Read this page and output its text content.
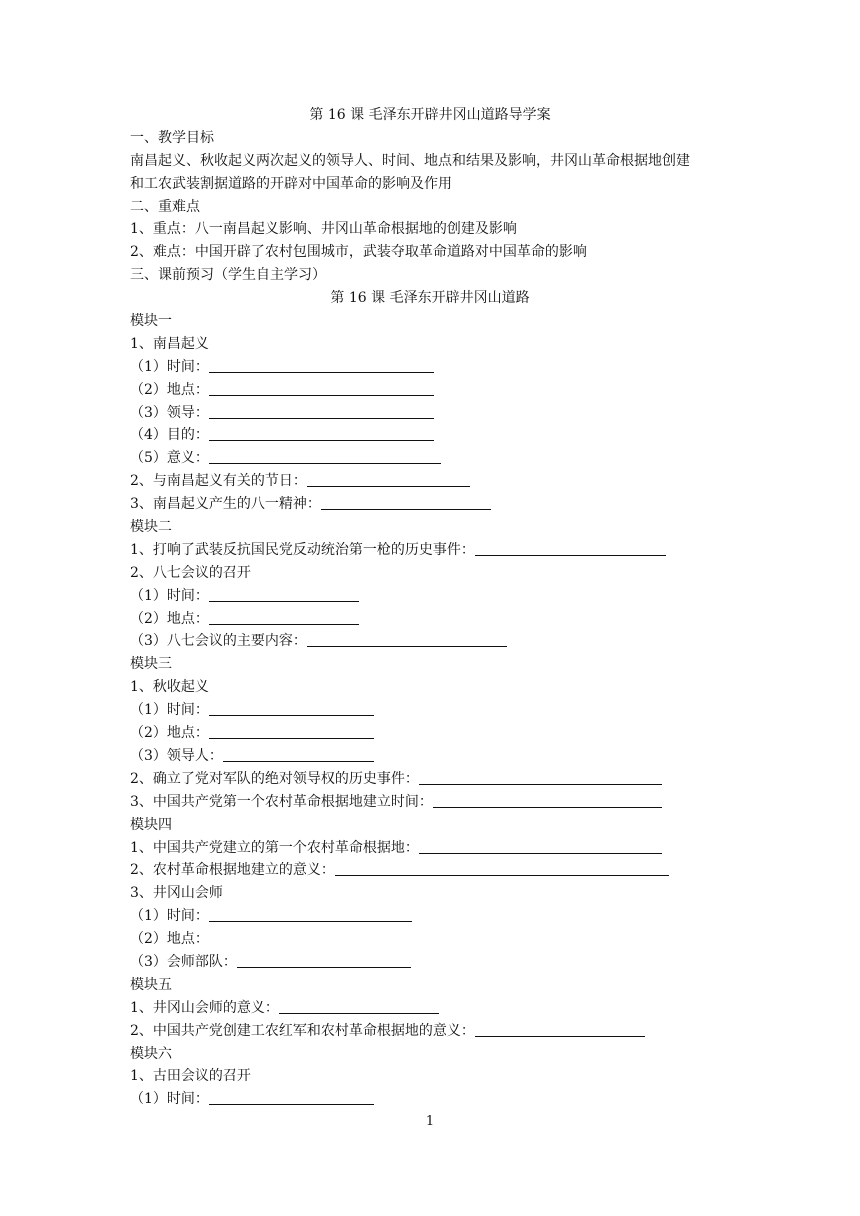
第 16 课 毛泽东开辟井冈山道路导学案
一、教学目标
南昌起义、秋收起义两次起义的领导人、时间、地点和结果及影响，井冈山革命根据地创建
和工农武装割据道路的开辟对中国革命的影响及作用
二、重难点
1、重点：八一南昌起义影响、井冈山革命根据地的创建及影响
2、难点：中国开辟了农村包围城市，武装夺取革命道路对中国革命的影响
三、课前预习（学生自主学习）
第 16 课 毛泽东开辟井冈山道路
模块一
1、南昌起义
（1）时间：
（2）地点：
（3）领导：
（4）目的：
（5）意义：
2、与南昌起义有关的节日：
3、南昌起义产生的八一精神：
模块二
1、打响了武装反抗国民党反动统治第一枪的历史事件：
2、八七会议的召开
（1）时间：
（2）地点：
（3）八七会议的主要内容：
模块三
1、秋收起义
（1）时间：
（2）地点：
（3）领导人：
2、确立了党对军队的绝对领导权的历史事件：
3、中国共产党第一个农村革命根据地建立时间：
模块四
1、中国共产党建立的第一个农村革命根据地：
2、农村革命根据地建立的意义：
3、井冈山会师
（1）时间：
（2）地点：
（3）会师部队：
模块五
1、井冈山会师的意义：
2、中国共产党创建工农红军和农村革命根据地的意义：
模块六
1、古田会议的召开
（1）时间：
1
